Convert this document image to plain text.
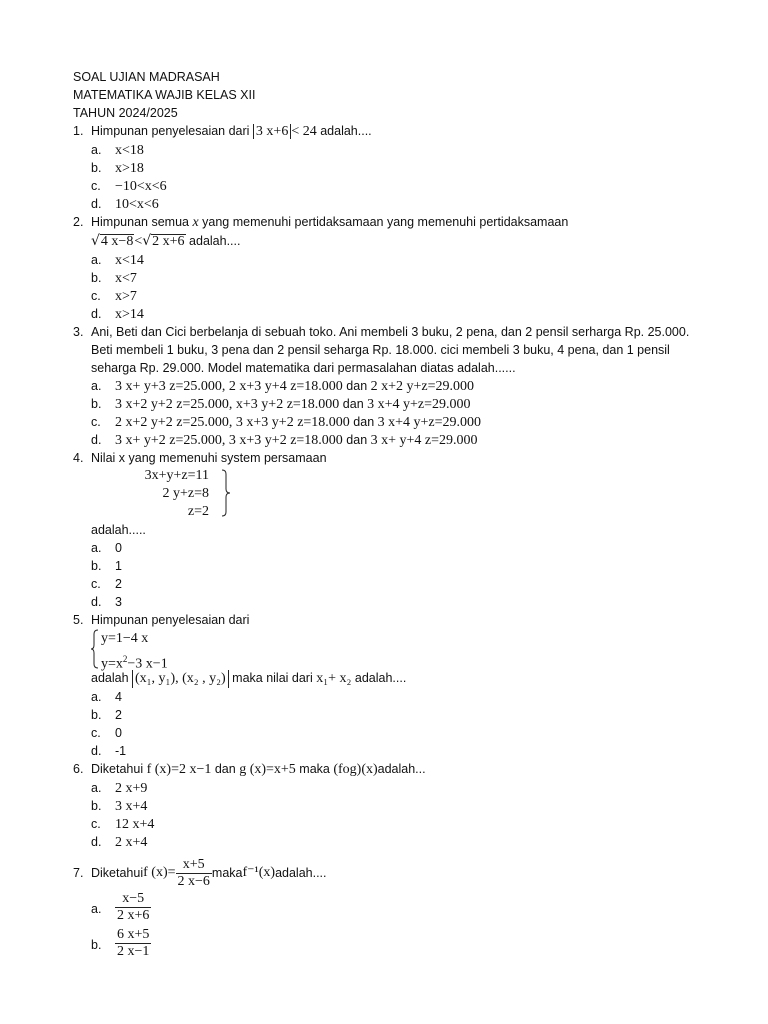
SOAL UJIAN MADRASAH
MATEMATIKA WAJIB KELAS XII
TAHUN 2024/2025
1. Himpunan penyelesaian dari 3 x+6 < 24 adalah....
a. x<18
b. x>18
c. −10<x<6
d. 10<x<6
2. Himpunan semua x yang memenuhi pertidaksamaan yang memenuhi pertidaksamaan
√4 x−8<√2 x+6 adalah....
a. x<14
b. x<7
c. x>7
d. x>14
3. Ani, Beti dan Cici berbelanja di sebuah toko. Ani membeli 3 buku, 2 pena, dan 2 pensil serharga Rp. 25.000. Beti membeli 1 buku, 3 pena dan 2 pensil seharga Rp. 18.000. cici membeli 3 buku, 4 pena, dan 1 pensil seharga Rp. 29.000. Model matematika dari permasalahan diatas adalah......
a. 3 x+ y+3 z=25.000, 2 x+3 y+4 z=18.000 dan 2 x+2 y+z=29.000
b. 3 x+2 y+2 z=25.000, x+3 y+2 z=18.000 dan 3 x+4 y+z=29.000
c. 2 x+2 y+2 z=25.000, 3 x+3 y+2 z=18.000 dan 3 x+4 y+z=29.000
d. 3 x+ y+2 z=25.000, 3 x+3 y+2 z=18.000 dan 3 x+ y+4 z=29.000
4. Nilai x yang memenuhi system persamaan
3x+y+z=11
2 y+z=8
z=2
adalah.....
a. 0
b. 1
c. 2
d. 3
5. Himpunan penyelesaian dari
y=1−4 x
$y=x^2-3$ x−1
adalah (x₁, y₁), (x₂ , y₂) maka nilai dari x₁+ x₂ adalah....
a. 4
b. 2
c. 0
d. -1
6. Diketahui f (x)=2 x−1 dan g (x)=x+5 maka (fog)(x)adalah...
a. 2 x+9
b. 3 x+4
c. 12 x+4
d. 2 x+4
7. Diketahui f $(x)= \frac{x+5}{2 x-6}$ maka f⁻¹(x) adalah....
a. $\frac{x-5}{2 x+6}$
b. $\frac{6 x+5}{2 x-1}$
